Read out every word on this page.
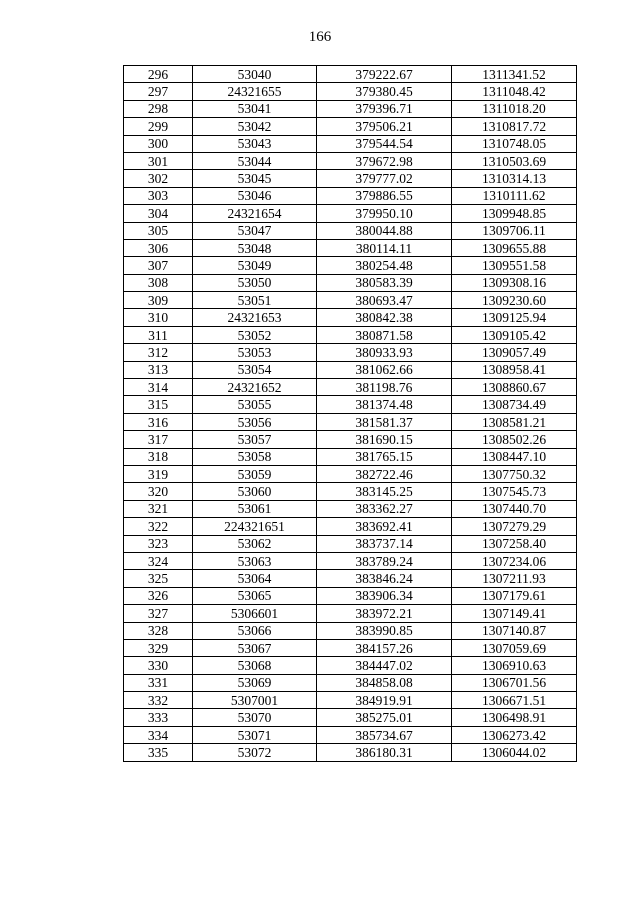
166
296	53040	379222.67	1311341.52
297	24321655	379380.45	1311048.42
298	53041	379396.71	1311018.20
299	53042	379506.21	1310817.72
300	53043	379544.54	1310748.05
301	53044	379672.98	1310503.69
302	53045	379777.02	1310314.13
303	53046	379886.55	1310111.62
304	24321654	379950.10	1309948.85
305	53047	380044.88	1309706.11
306	53048	380114.11	1309655.88
307	53049	380254.48	1309551.58
308	53050	380583.39	1309308.16
309	53051	380693.47	1309230.60
310	24321653	380842.38	1309125.94
311	53052	380871.58	1309105.42
312	53053	380933.93	1309057.49
313	53054	381062.66	1308958.41
314	24321652	381198.76	1308860.67
315	53055	381374.48	1308734.49
316	53056	381581.37	1308581.21
317	53057	381690.15	1308502.26
318	53058	381765.15	1308447.10
319	53059	382722.46	1307750.32
320	53060	383145.25	1307545.73
321	53061	383362.27	1307440.70
322	224321651	383692.41	1307279.29
323	53062	383737.14	1307258.40
324	53063	383789.24	1307234.06
325	53064	383846.24	1307211.93
326	53065	383906.34	1307179.61
327	5306601	383972.21	1307149.41
328	53066	383990.85	1307140.87
329	53067	384157.26	1307059.69
330	53068	384447.02	1306910.63
331	53069	384858.08	1306701.56
332	5307001	384919.91	1306671.51
333	53070	385275.01	1306498.91
334	53071	385734.67	1306273.42
335	53072	386180.31	1306044.02
